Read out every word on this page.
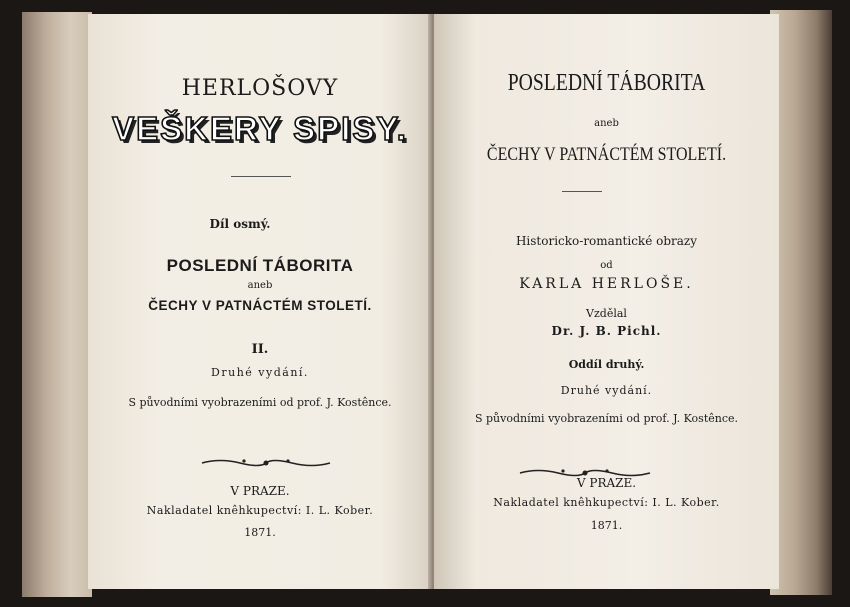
HERLOŠOVY
VEŠKERY SPISY.
Díl osmý.
POSLEDNÍ TÁBORITA
aneb
ČECHY V PATNÁCTÉM STOLETÍ.
II.
Druhé vydání.
S původními vyobrazeními od prof. J. Kostênce.
V PRAZE.
Nakladatel knêhkupectví: I. L. Kober.
1871.
POSLEDNÍ TÁBORITA
aneb
ČECHY V PATNÁCTÉM STOLETÍ.
Historicko-romantické obrazy
od
KARLA HERLOŠE.
Vzdělal
Dr. J. B. Pichl.
Oddíl druhý.
Druhé vydání.
S původními vyobrazeními od prof. J. Kostênce.
V PRAZE.
Nakladatel knêhkupectví: I. L. Kober.
1871.
